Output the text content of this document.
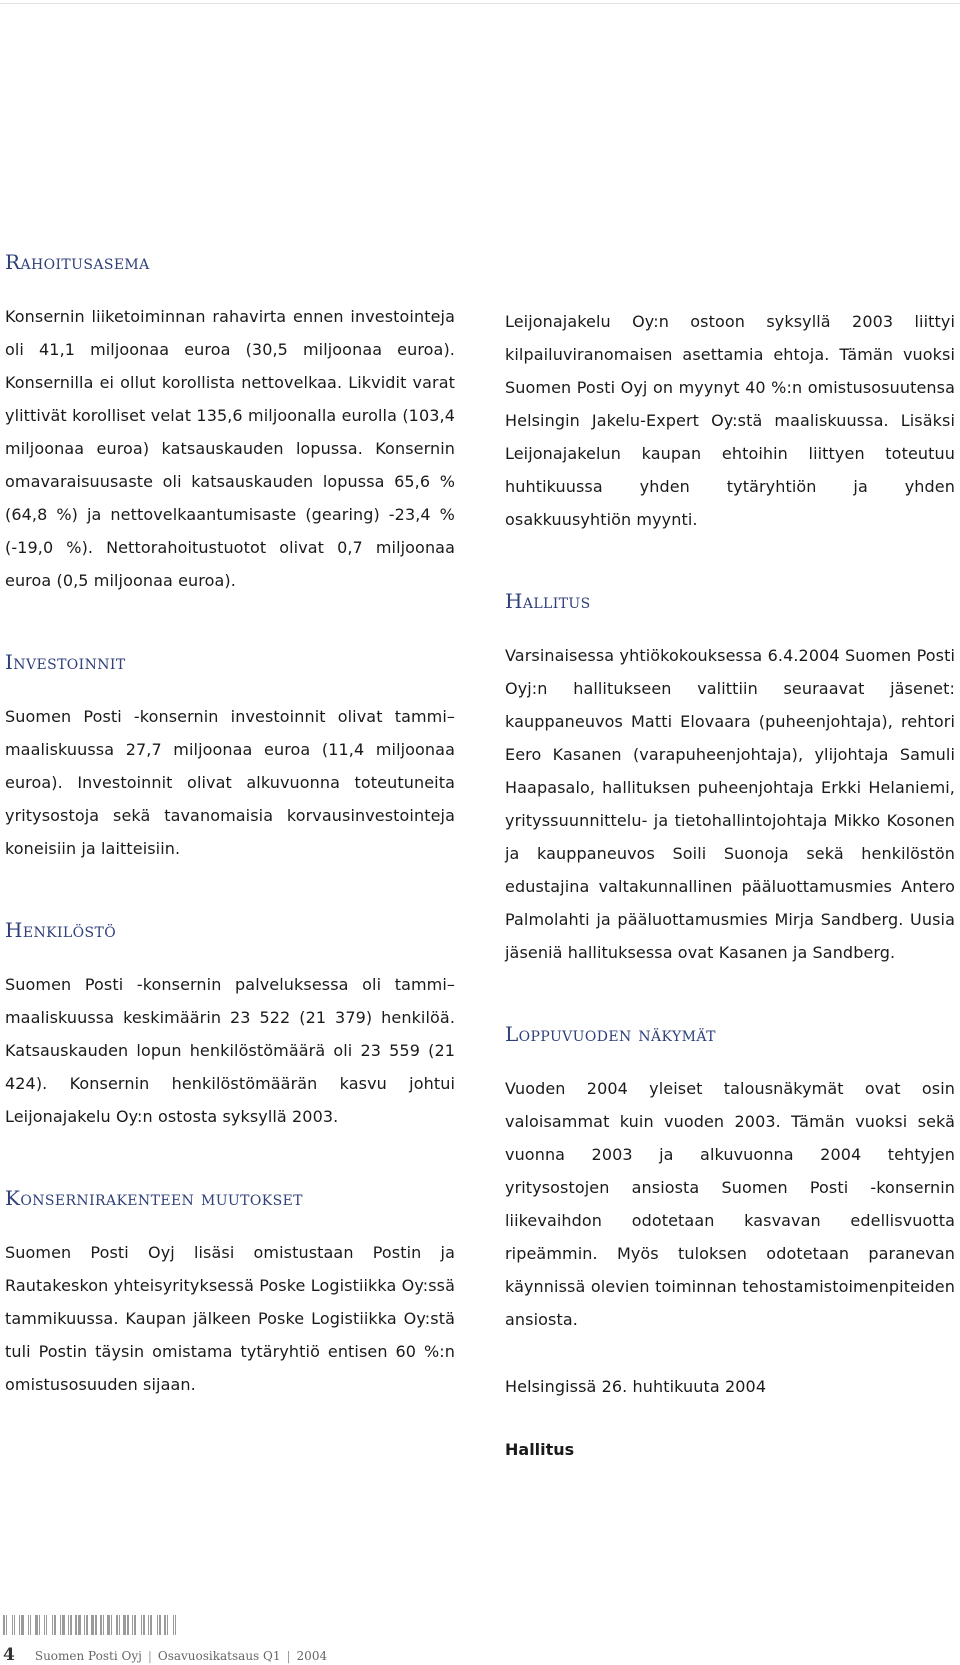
Rahoitusasema

Konsernin liiketoiminnan rahavirta ennen investointeja oli 41,1 miljoonaa euroa (30,5 miljoonaa euroa). Konsernilla ei ollut korollista nettovelkaa. Likvidit varat ylittivät korolliset velat 135,6 miljoonalla eurolla (103,4 miljoonaa euroa) katsauskauden lopussa. Konsernin omavaraisuusaste oli katsauskauden lopussa 65,6 % (64,8 %) ja nettovelkaantumisaste (gearing) -23,4 % (-19,0 %). Nettorahoitustuotot olivat 0,7 miljoonaa euroa (0,5 miljoonaa euroa).

Investoinnit

Suomen Posti -konsernin investoinnit olivat tammi–maaliskuussa 27,7 miljoonaa euroa (11,4 miljoonaa euroa). Investoinnit olivat alkuvuonna toteutuneita yritysostoja sekä tavanomaisia korvausinvestointeja koneisiin ja laitteisiin.

Henkilöstö

Suomen Posti -konsernin palveluksessa oli tammi–maaliskuussa keskimäärin 23 522 (21 379) henkilöä. Katsauskauden lopun henkilöstömäärä oli 23 559 (21 424). Konsernin henkilöstömäärän kasvu johtui Leijonajakelu Oy:n ostosta syksyllä 2003.

Konsernirakenteen muutokset

Suomen Posti Oyj lisäsi omistustaan Postin ja Rautakeskon yhteisyrityksessä Poske Logistiikka Oy:ssä tammikuussa. Kaupan jälkeen Poske Logistiikka Oy:stä tuli Postin täysin omistama tytäryhtiö entisen 60 %:n omistusosuuden sijaan.

Leijonajakelu Oy:n ostoon syksyllä 2003 liittyi kilpailuviranomaisen asettamia ehtoja. Tämän vuoksi Suomen Posti Oyj on myynyt 40 %:n omistusosuutensa Helsingin Jakelu-Expert Oy:stä maaliskuussa. Lisäksi Leijonajakelun kaupan ehtoihin liittyen toteutuu huhtikuussa yhden tytäryhtiön ja yhden osakkuusyhtiön myynti.

Hallitus

Varsinaisessa yhtiökokouksessa 6.4.2004 Suomen Posti Oyj:n hallitukseen valittiin seuraavat jäsenet: kauppaneuvos Matti Elovaara (puheenjohtaja), rehtori Eero Kasanen (varapuheenjohtaja), ylijohtaja Samuli Haapasalo, hallituksen puheenjohtaja Erkki Helaniemi, yrityssuunnittelu- ja tietohallintojohtaja Mikko Kosonen ja kauppaneuvos Soili Suonoja sekä henkilöstön edustajina valtakunnallinen pääluottamusmies Antero Palmolahti ja pääluottamusmies Mirja Sandberg. Uusia jäseniä hallituksessa ovat Kasanen ja Sandberg.

Loppuvuoden näkymät

Vuoden 2004 yleiset talousnäkymät ovat osin valoisammat kuin vuoden 2003. Tämän vuoksi sekä vuonna 2003 ja alkuvuonna 2004 tehtyjen yritysostojen ansiosta Suomen Posti -konsernin liikevaihdon odotetaan kasvavan edellisvuotta ripeämmin. Myös tuloksen odotetaan paranevan käynnissä olevien toiminnan tehostamistoimenpiteiden ansiosta.

Helsingissä 26. huhtikuuta 2004

Hallitus
4 Suomen Posti Oyj | Osavuosikatsaus Q1 | 2004
